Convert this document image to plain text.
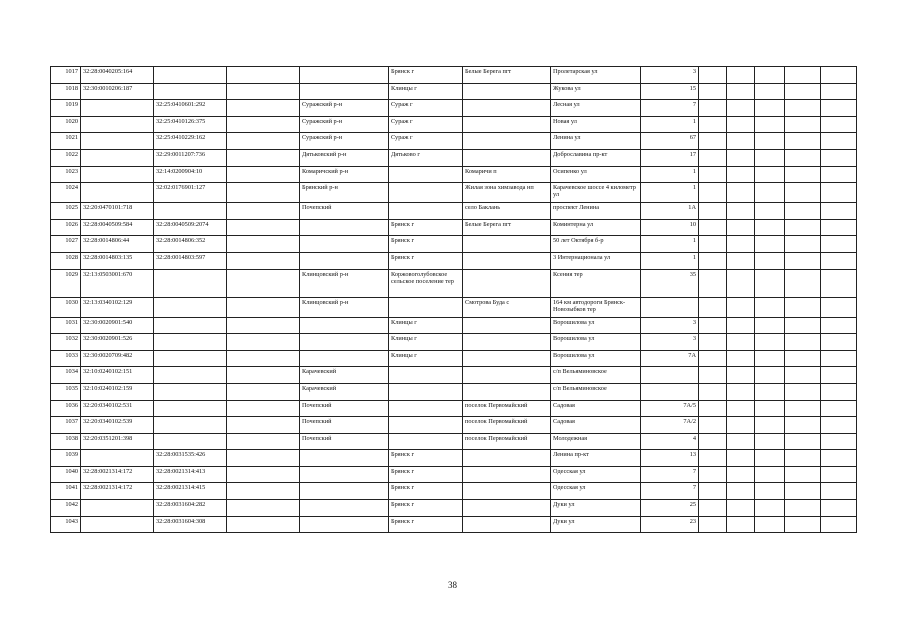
1017	32:28:0040205:164				Брянск г	Белые Берега пгт	Пролетарская ул	3					
1018	32:30:0010206:187				Клинцы г		Жукова ул	15					
1019		32:25:0410601:292		Суражский р-н	Сураж г		Лесная ул	7					
1020		32:25:0410126:375		Суражский р-н	Сураж г		Новая ул	1					
1021		32:25:0410229:162		Суражский р-н	Сураж г		Ленина ул	67					
1022		32:29:0011207:736		Дятьковский р-н	Дятьково г		Доброславина пр-кт	17					
1023		32:14:0200904:10		Комаричский р-н		Комаричи п	Осипенко ул	1					
1024		32:02:0176901:127		Брянский р-н		Жилая зона химзавода нп	Карачевское шоссе 4 километр ул	1					
1025	32:20:0470101:718			Почепский		село Баклань	проспект Ленина	1А					
1026	32:28:0040509:584	32:28:0040509:2074			Брянск г	Белые Берега пгт	Коминтерна ул	10					
1027	32:28:0014806:44	32:28:0014806:352			Брянск г		50 лет Октября б-р	1					
1028	32:28:0014803:135	32:28:0014803:597			Брянск г		3 Интернационала ул	1					
1029	32:13:0503001:670			Клинцовский р-н	Коржовоголубовское сельское поселение тер		Ксения тер	35					
1030	32:13:0340102:129			Клинцовский р-н		Смотрова Буда с	164 км автодороги Брянск-Новозыбков тер						
1031	32:30:0020901:540				Клинцы г		Ворошилова ул	3					
1032	32:30:0020901:526				Клинцы г		Ворошилова ул	3					
1033	32:30:0020709:482				Клинцы г		Ворошилова ул	7А					
1034	32:10:0240102:151			Карачевский			с/п Вельяминовское						
1035	32:10:0240102:159			Карачевский			с/п Вельяминовское						
1036	32:20:0340102:531			Почепский		поселок Первомайский	Садовая	7А/5					
1037	32:20:0340102:539			Почепский		поселок Первомайский	Садовая	7А/2					
1038	32:20:0351201:398			Почепский		поселок Первомайский	Молодежная	4					
1039		32:28:0031535:426			Брянск г		Ленина пр-кт	13					
1040	32:28:0021314:172	32:28:0021314:413			Брянск г		Одесская ул	7					
1041	32:28:0021314:172	32:28:0021314:415			Брянск г		Одесская ул	7					
1042		32:28:0031604:282			Брянск г		Дуки ул	25					
1043		32:28:0031604:308			Брянск г		Дуки ул	23					
38
